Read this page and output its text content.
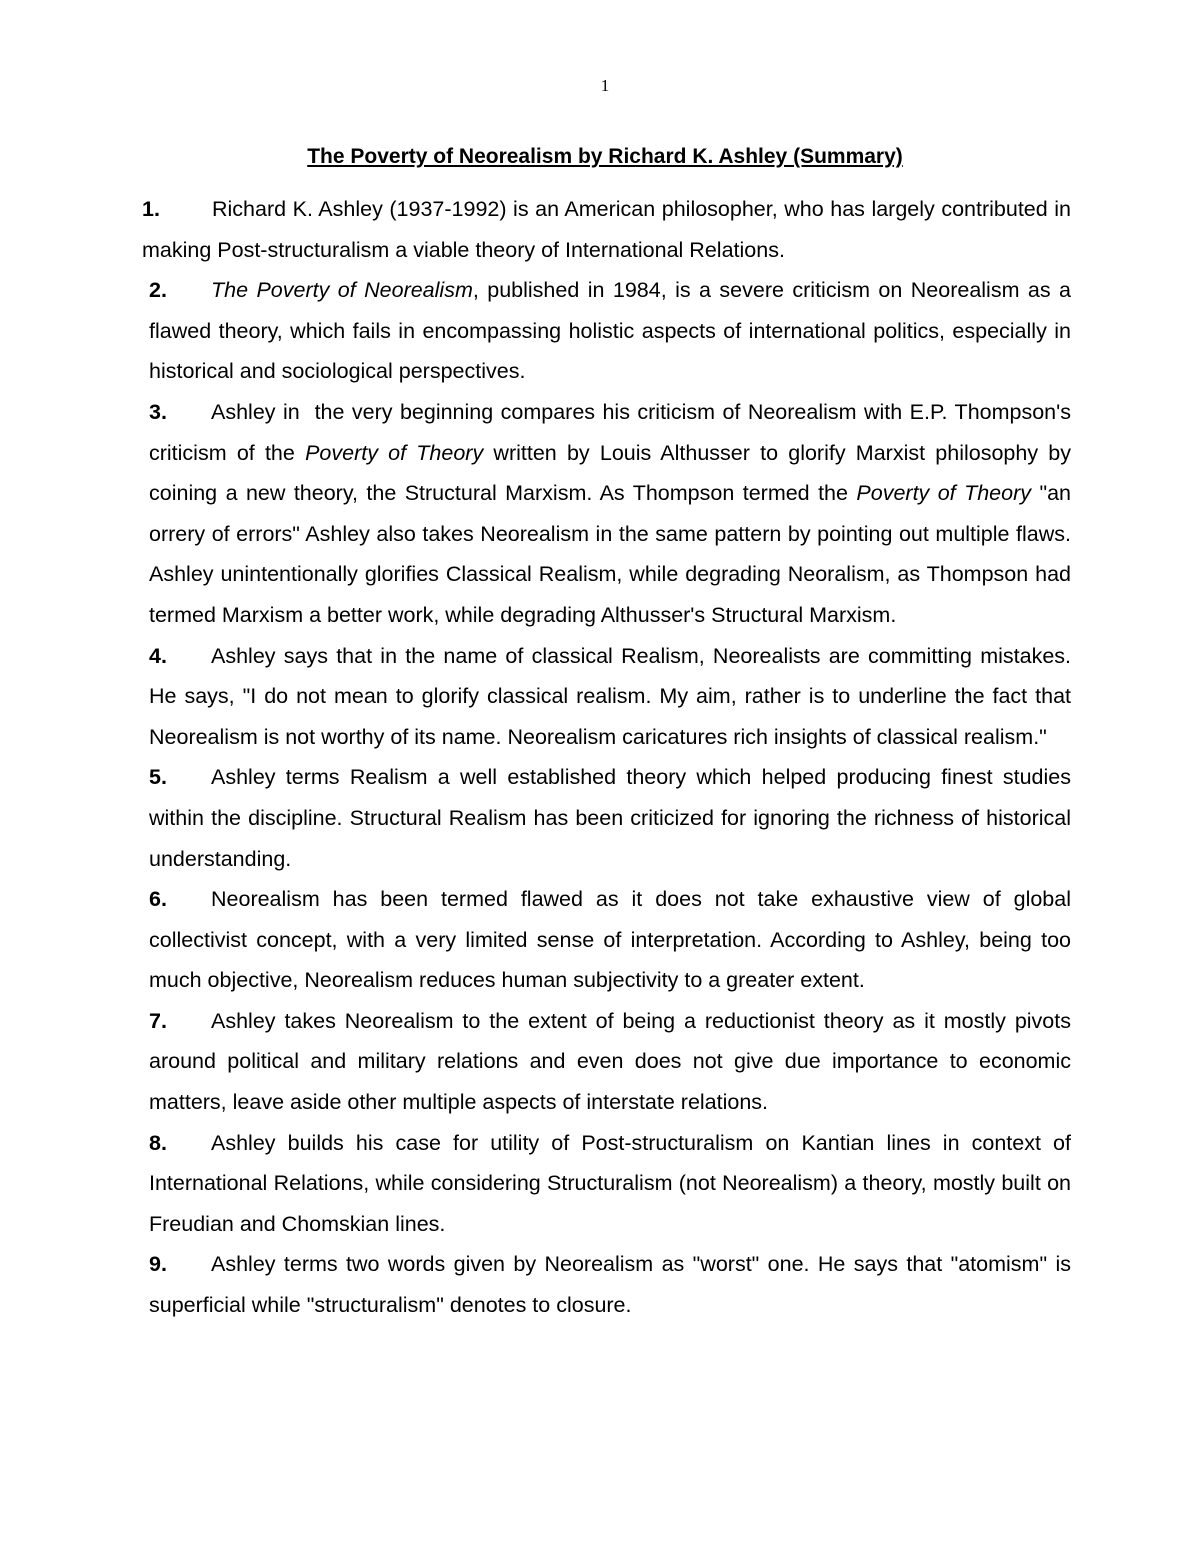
1
The Poverty of Neorealism by Richard K. Ashley (Summary)

1. Richard K. Ashley (1937-1992) is an American philosopher, who has largely contributed in making Post-structuralism a viable theory of International Relations.

2. The Poverty of Neorealism, published in 1984, is a severe criticism on Neorealism as a flawed theory, which fails in encompassing holistic aspects of international politics, especially in historical and sociological perspectives.

3. Ashley in  the very beginning compares his criticism of Neorealism with E.P. Thompson's criticism of the Poverty of Theory written by Louis Althusser to glorify Marxist philosophy by coining a new theory, the Structural Marxism. As Thompson termed the Poverty of Theory "an orrery of errors" Ashley also takes Neorealism in the same pattern by pointing out multiple flaws. Ashley unintentionally glorifies Classical Realism, while degrading Neoralism, as Thompson had termed Marxism a better work, while degrading Althusser's Structural Marxism.

4. Ashley says that in the name of classical Realism, Neorealists are committing mistakes. He says, "I do not mean to glorify classical realism. My aim, rather is to underline the fact that Neorealism is not worthy of its name. Neorealism caricatures rich insights of classical realism."

5. Ashley terms Realism a well established theory which helped producing finest studies within the discipline. Structural Realism has been criticized for ignoring the richness of historical understanding.

6. Neorealism has been termed flawed as it does not take exhaustive view of global collectivist concept, with a very limited sense of interpretation. According to Ashley, being too much objective, Neorealism reduces human subjectivity to a greater extent.

7. Ashley takes Neorealism to the extent of being a reductionist theory as it mostly pivots around political and military relations and even does not give due importance to economic matters, leave aside other multiple aspects of interstate relations.

8. Ashley builds his case for utility of Post-structuralism on Kantian lines in context of International Relations, while considering Structuralism (not Neorealism) a theory, mostly built on Freudian and Chomskian lines.

9. Ashley terms two words given by Neorealism as "worst" one. He says that "atomism" is superficial while "structuralism" denotes to closure.
